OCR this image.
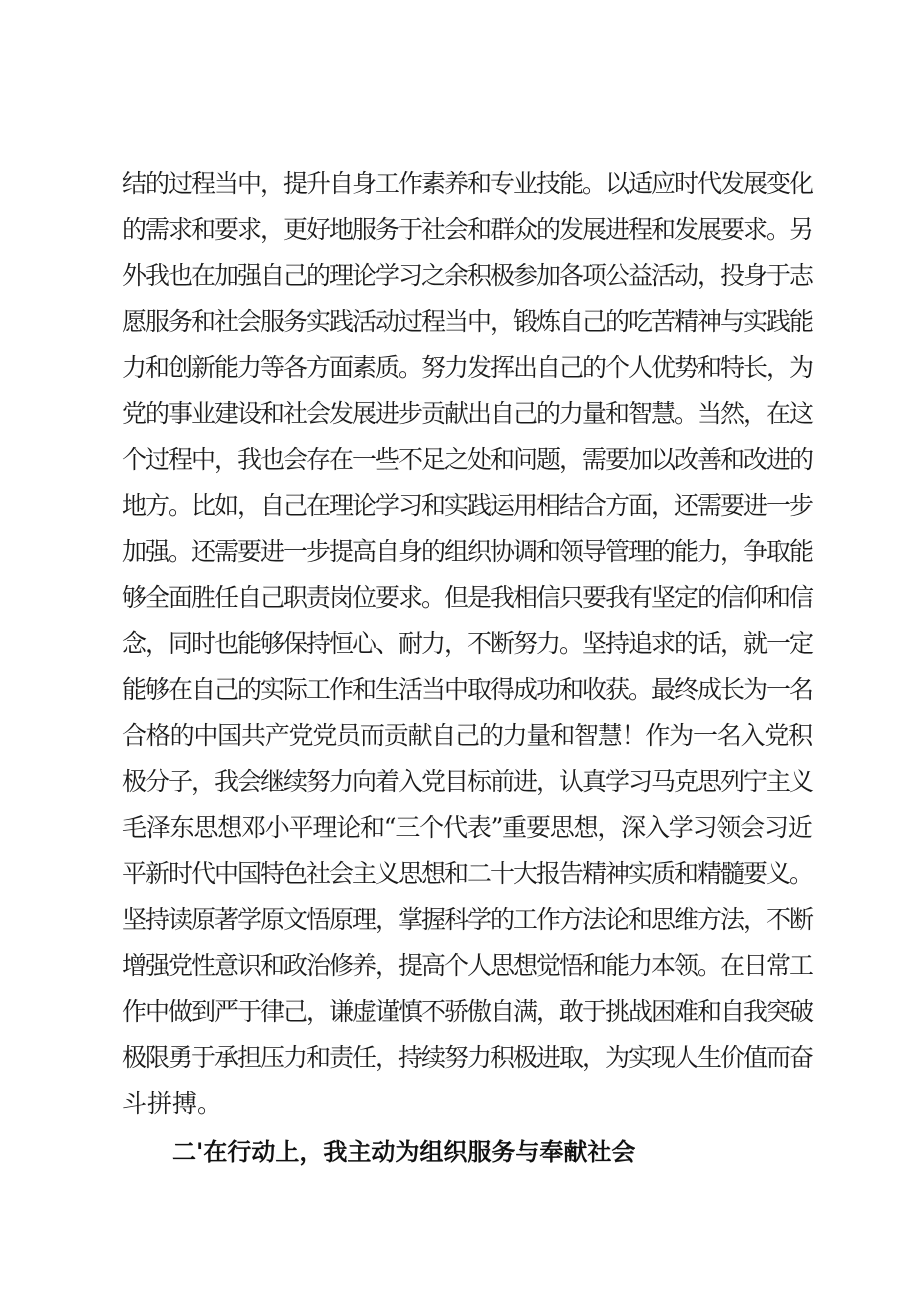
结的过程当中，提升自身工作素养和专业技能。以适应时代发展变化
的需求和要求，更好地服务于社会和群众的发展进程和发展要求。另
外我也在加强自己的理论学习之余积极参加各项公益活动，投身于志
愿服务和社会服务实践活动过程当中，锻炼自己的吃苦精神与实践能
力和创新能力等各方面素质。努力发挥出自己的个人优势和特长，为
党的事业建设和社会发展进步贡献出自己的力量和智慧。当然，在这
个过程中，我也会存在一些不足之处和问题，需要加以改善和改进的
地方。比如，自己在理论学习和实践运用相结合方面，还需要进一步
加强。还需要进一步提高自身的组织协调和领导管理的能力，争取能
够全面胜任自己职责岗位要求。但是我相信只要我有坚定的信仰和信
念，同时也能够保持恒心、耐力，不断努力。坚持追求的话，就一定
能够在自己的实际工作和生活当中取得成功和收获。最终成长为一名
合格的中国共产党党员而贡献自己的力量和智慧！作为一名入党积
极分子，我会继续努力向着入党目标前进，认真学习马克思列宁主义
毛泽东思想邓小平理论和“三个代表”重要思想，深入学习领会习近
平新时代中国特色社会主义思想和二十大报告精神实质和精髓要义。
坚持读原著学原文悟原理，掌握科学的工作方法论和思维方法，不断
增强党性意识和政治修养，提高个人思想觉悟和能力本领。在日常工
作中做到严于律己，谦虚谨慎不骄傲自满，敢于挑战困难和自我突破
极限勇于承担压力和责任，持续努力积极进取，为实现人生价值而奋
斗拼搏。
二'在行动上，我主动为组织服务与奉献社会
